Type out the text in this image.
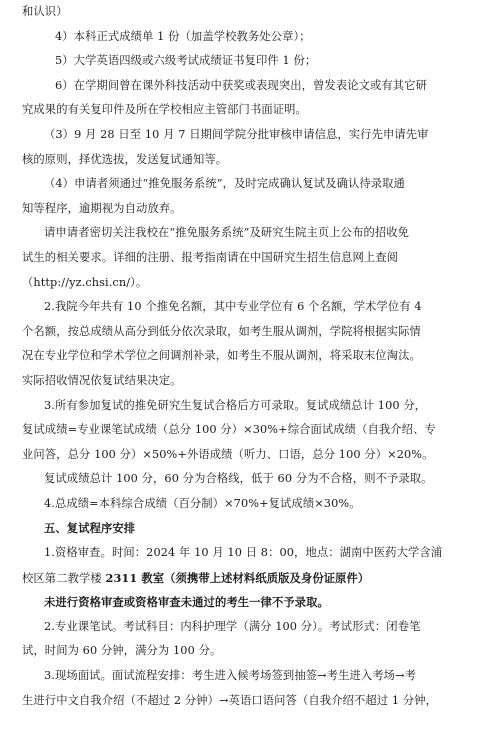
和认识）
4）本科正式成绩单 1 份（加盖学校教务处公章）；
5）大学英语四级或六级考试成绩证书复印件 1 份；
6）在学期间曾在课外科技活动中获奖或表现突出，曾发表论文或有其它研
究成果的有关复印件及所在学校相应主管部门书面证明。
（3）9 月 28 日至 10 月 7 日期间学院分批审核申请信息，实行先申请先审
核的原则，择优选拔，发送复试通知等。
（4）申请者须通过“推免服务系统”，及时完成确认复试及确认待录取通
知等程序，逾期视为自动放弃。
请申请者密切关注我校在“推免服务系统”及研究生院主页上公布的招收免
试生的相关要求。详细的注册、报考指南请在中国研究生招生信息网上查阅
（http://yz.chsi.cn/）。
2.我院今年共有 10 个推免名额，其中专业学位有 6 个名额，学术学位有 4
个名额，按总成绩从高分到低分依次录取，如考生服从调剂，学院将根据实际情
况在专业学位和学术学位之间调剂补录，如考生不服从调剂，将采取末位淘汰。
实际招收情况依复试结果决定。
3.所有参加复试的推免研究生复试合格后方可录取。复试成绩总计 100 分，
复试成绩=专业课笔试成绩（总分 100 分）×30%+综合面试成绩（自我介绍、专
业问答，总分 100 分）×50%+外语成绩（听力、口语，总分 100 分）×20%。
复试成绩总计 100 分，60 分为合格线，低于 60 分为不合格，则不予录取。
4.总成绩=本科综合成绩（百分制）×70%+复试成绩×30%。
五、复试程序安排
1.资格审查。时间：2024 年 10 月 10 日 8：00，地点：湖南中医药大学含浦
校区第二教学楼 2311 教室（须携带上述材料纸质版及身份证原件）
未进行资格审查或资格审查未通过的考生一律不予录取。
2.专业课笔试。考试科目：内科护理学（满分 100 分）。考试形式：闭卷笔
试，时间为 60 分钟，满分为 100 分。
3.现场面试。面试流程安排：考生进入候考场签到抽签→考生进入考场→考
生进行中文自我介绍（不超过 2 分钟）→英语口语问答（自我介绍不超过 1 分钟，
